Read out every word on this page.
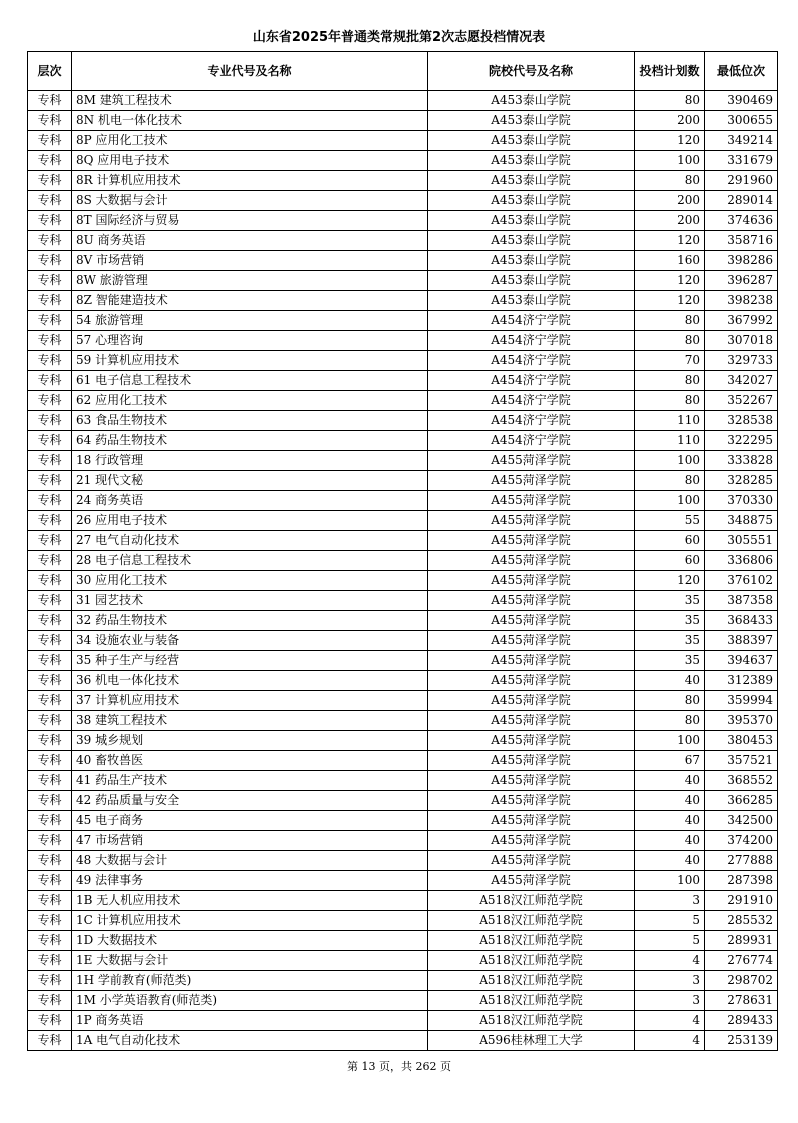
山东省2025年普通类常规批第2次志愿投档情况表
层次	专业代号及名称	院校代号及名称	投档计划数	最低位次
专科	8M 建筑工程技术	A453泰山学院	80	390469
专科	8N 机电一体化技术	A453泰山学院	200	300655
专科	8P 应用化工技术	A453泰山学院	120	349214
专科	8Q 应用电子技术	A453泰山学院	100	331679
专科	8R 计算机应用技术	A453泰山学院	80	291960
专科	8S 大数据与会计	A453泰山学院	200	289014
专科	8T 国际经济与贸易	A453泰山学院	200	374636
专科	8U 商务英语	A453泰山学院	120	358716
专科	8V 市场营销	A453泰山学院	160	398286
专科	8W 旅游管理	A453泰山学院	120	396287
专科	8Z 智能建造技术	A453泰山学院	120	398238
专科	54 旅游管理	A454济宁学院	80	367992
专科	57 心理咨询	A454济宁学院	80	307018
专科	59 计算机应用技术	A454济宁学院	70	329733
专科	61 电子信息工程技术	A454济宁学院	80	342027
专科	62 应用化工技术	A454济宁学院	80	352267
专科	63 食品生物技术	A454济宁学院	110	328538
专科	64 药品生物技术	A454济宁学院	110	322295
专科	18 行政管理	A455菏泽学院	100	333828
专科	21 现代文秘	A455菏泽学院	80	328285
专科	24 商务英语	A455菏泽学院	100	370330
专科	26 应用电子技术	A455菏泽学院	55	348875
专科	27 电气自动化技术	A455菏泽学院	60	305551
专科	28 电子信息工程技术	A455菏泽学院	60	336806
专科	30 应用化工技术	A455菏泽学院	120	376102
专科	31 园艺技术	A455菏泽学院	35	387358
专科	32 药品生物技术	A455菏泽学院	35	368433
专科	34 设施农业与装备	A455菏泽学院	35	388397
专科	35 种子生产与经营	A455菏泽学院	35	394637
专科	36 机电一体化技术	A455菏泽学院	40	312389
专科	37 计算机应用技术	A455菏泽学院	80	359994
专科	38 建筑工程技术	A455菏泽学院	80	395370
专科	39 城乡规划	A455菏泽学院	100	380453
专科	40 畜牧兽医	A455菏泽学院	67	357521
专科	41 药品生产技术	A455菏泽学院	40	368552
专科	42 药品质量与安全	A455菏泽学院	40	366285
专科	45 电子商务	A455菏泽学院	40	342500
专科	47 市场营销	A455菏泽学院	40	374200
专科	48 大数据与会计	A455菏泽学院	40	277888
专科	49 法律事务	A455菏泽学院	100	287398
专科	1B 无人机应用技术	A518汉江师范学院	3	291910
专科	1C 计算机应用技术	A518汉江师范学院	5	285532
专科	1D 大数据技术	A518汉江师范学院	5	289931
专科	1E 大数据与会计	A518汉江师范学院	4	276774
专科	1H 学前教育(师范类)	A518汉江师范学院	3	298702
专科	1M 小学英语教育(师范类)	A518汉江师范学院	3	278631
专科	1P 商务英语	A518汉江师范学院	4	289433
专科	1A 电气自动化技术	A596桂林理工大学	4	253139
第 13 页，共 262 页
